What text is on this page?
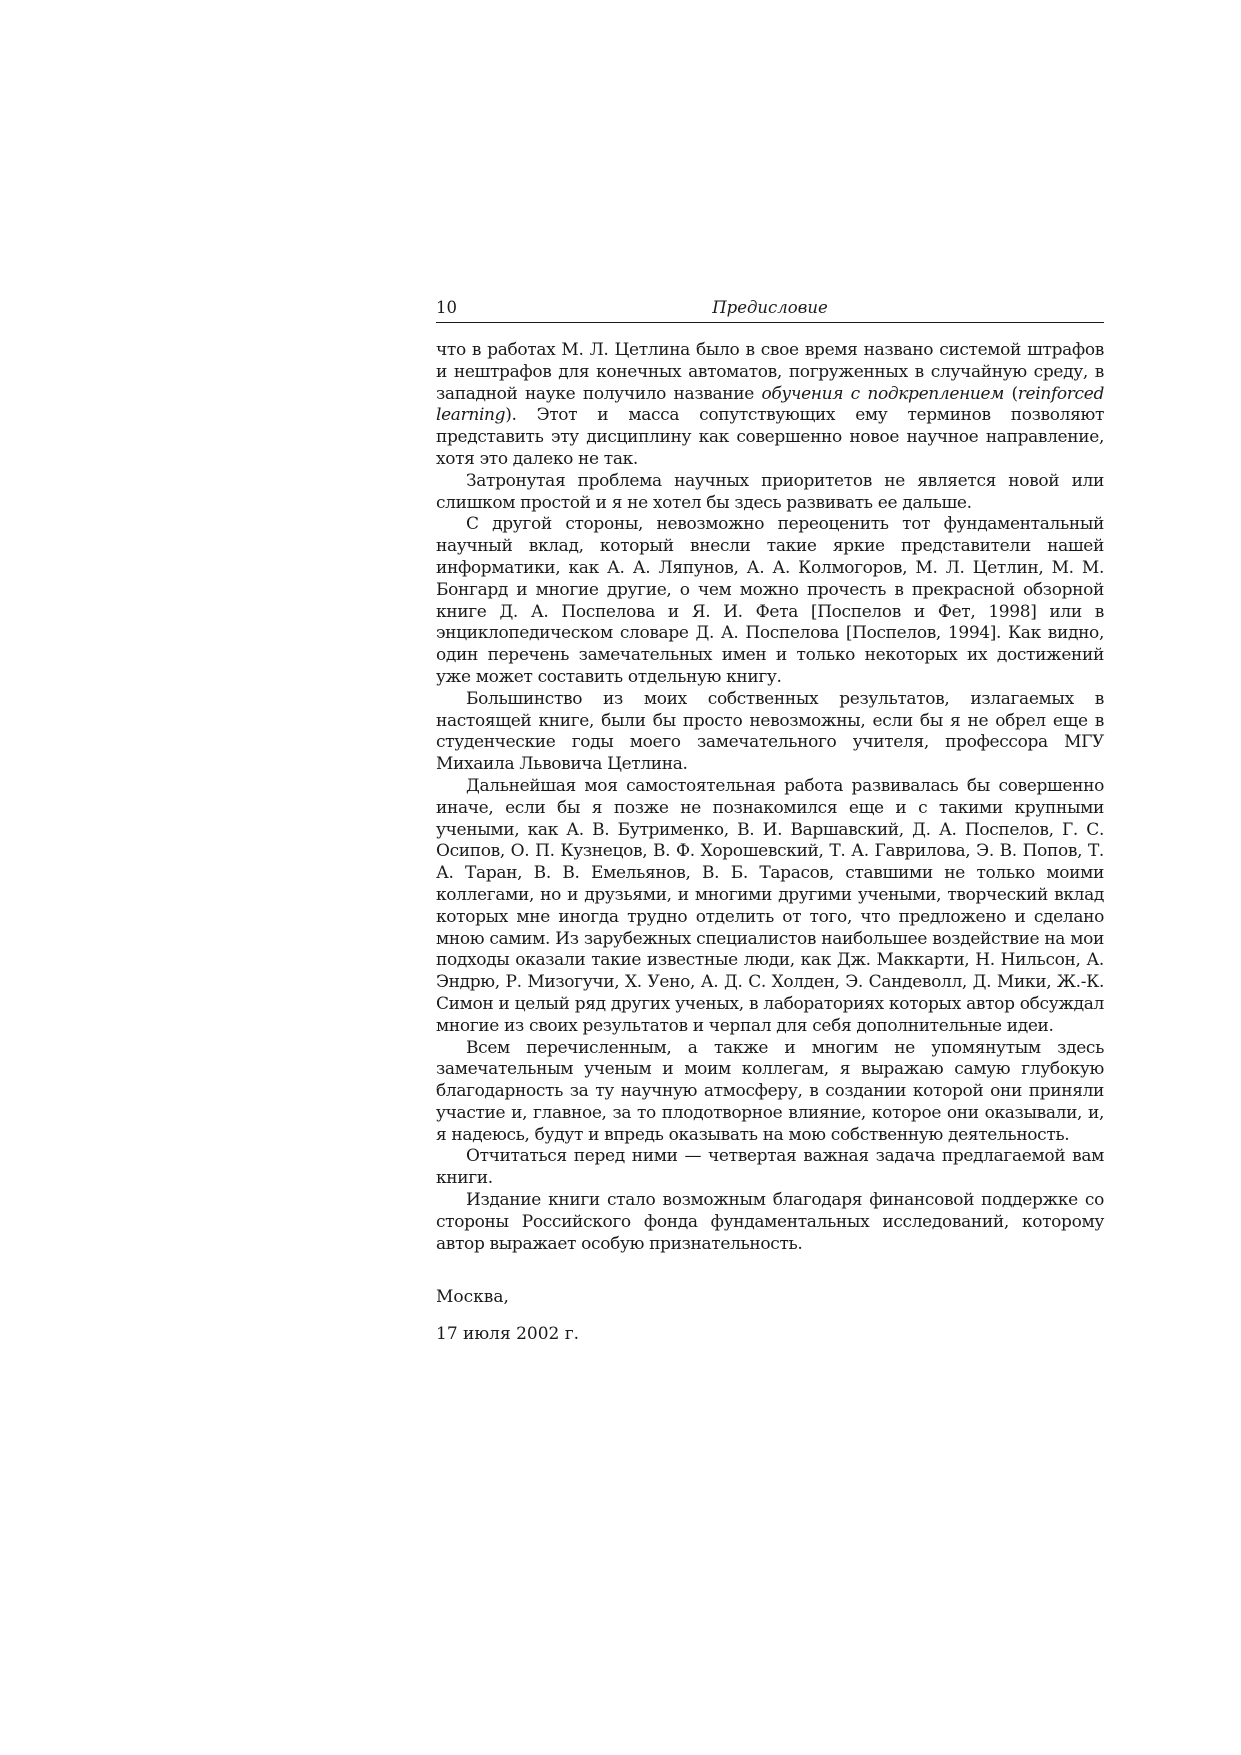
10	Предисловие

что в работах М. Л. Цетлина было в свое время названо системой штрафов и нештрафов для конечных автоматов, погруженных в случайную среду, в западной науке получило название обучения с подкреплением (reinforced learning). Этот и масса сопутствующих ему терминов позволяют представить эту дисциплину как совершенно новое научное направление, хотя это далеко не так.

Затронутая проблема научных приоритетов не является новой или слишком простой и я не хотел бы здесь развивать ее дальше.

С другой стороны, невозможно переоценить тот фундаментальный научный вклад, который внесли такие яркие представители нашей информатики, как А. А. Ляпунов, А. А. Колмогоров, М. Л. Цетлин, М. М. Бонгард и многие другие, о чем можно прочесть в прекрасной обзорной книге Д. А. Поспелова и Я. И. Фета [Поспелов и Фет, 1998] или в энциклопедическом словаре Д. А. Поспелова [Поспелов, 1994]. Как видно, один перечень замечательных имен и только некоторых их достижений уже может составить отдельную книгу.

Большинство из моих собственных результатов, излагаемых в настоящей книге, были бы просто невозможны, если бы я не обрел еще в студенческие годы моего замечательного учителя, профессора МГУ Михаила Львовича Цетлина.

Дальнейшая моя самостоятельная работа развивалась бы совершенно иначе, если бы я позже не познакомился еще и с такими крупными учеными, как А. В. Бутрименко, В. И. Варшавский, Д. А. Поспелов, Г. С. Осипов, О. П. Кузнецов, В. Ф. Хорошевский, Т. А. Гаврилова, Э. В. Попов, Т. А. Таран, В. В. Емельянов, В. Б. Тарасов, ставшими не только моими коллегами, но и друзьями, и многими другими учеными, творческий вклад которых мне иногда трудно отделить от того, что предложено и сделано мною самим. Из зарубежных специалистов наибольшее воздействие на мои подходы оказали такие известные люди, как Дж. Маккарти, Н. Нильсон, А. Эндрю, Р. Мизогучи, Х. Уено, А. Д. С. Холден, Э. Сандеволл, Д. Мики, Ж.-К. Симон и целый ряд других ученых, в лабораториях которых автор обсуждал многие из своих результатов и черпал для себя дополнительные идеи.

Всем перечисленным, а также и многим не упомянутым здесь замечательным ученым и моим коллегам, я выражаю самую глубокую благодарность за ту научную атмосферу, в создании которой они приняли участие и, главное, за то плодотворное влияние, которое они оказывали, и, я надеюсь, будут и впредь оказывать на мою собственную деятельность.

Отчитаться перед ними — четвертая важная задача предлагаемой вам книги.

Издание книги стало возможным благодаря финансовой поддержке со стороны Российского фонда фундаментальных исследований, которому автор выражает особую признательность.

Москва,

17 июля 2002 г.
